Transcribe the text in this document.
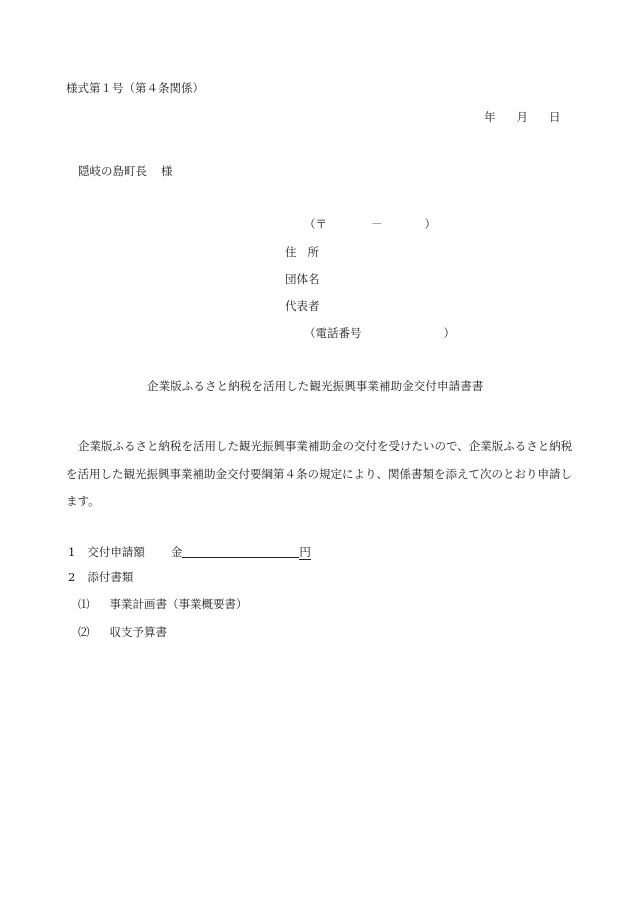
様式第１号（第４条関係）
年 月 日
隠岐の島町長 様
（〒	－	）
住 所
団体名
代表者
（電話番号	）
企業版ふるさと納税を活用した観光振興事業補助金交付申請書書
企業版ふるさと納税を活用した観光振興事業補助金の交付を受けたいので、企業版ふるさと納税を活用した観光振興事業補助金交付要綱第４条の規定により、関係書類を添えて次のとおり申請します。
1 交付申請額 金	円
2 添付書類
⑴ 事業計画書（事業概要書）
⑵ 収支予算書
